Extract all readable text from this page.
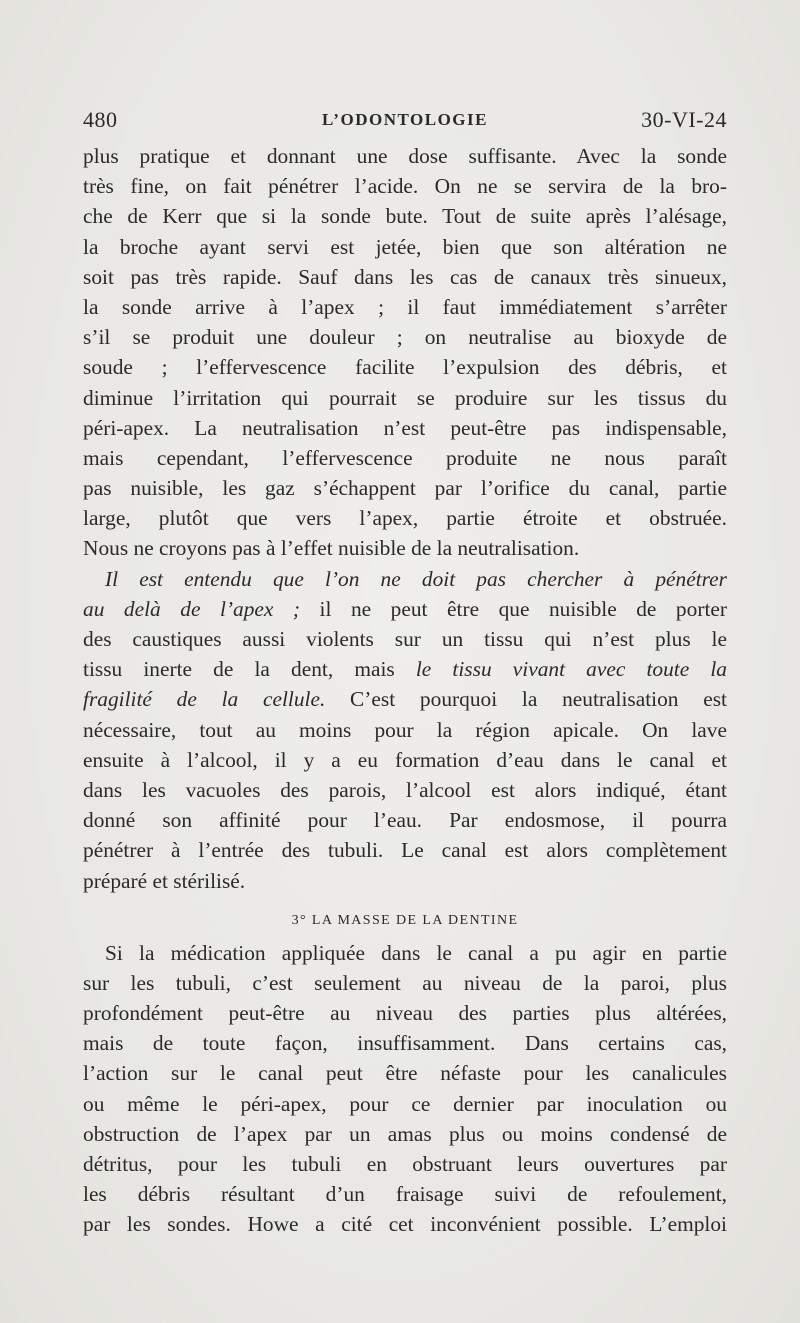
480	L’ODONTOLOGIE	30-VI-24
plus pratique et donnant une dose suffisante. Avec la sonde
très fine, on fait pénétrer l’acide. On ne se servira de la bro-
che de Kerr que si la sonde bute. Tout de suite après l’alésage,
la broche ayant servi est jetée, bien que son altération ne
soit pas très rapide. Sauf dans les cas de canaux très sinueux,
la sonde arrive à l’apex ; il faut immédiatement s’arrêter
s’il se produit une douleur ; on neutralise au bioxyde de
soude ; l’effervescence facilite l’expulsion des débris, et
diminue l’irritation qui pourrait se produire sur les tissus du
péri-apex. La neutralisation n’est peut-être pas indispensable,
mais cependant, l’effervescence produite ne nous paraît
pas nuisible, les gaz s’échappent par l’orifice du canal, partie
large, plutôt que vers l’apex, partie étroite et obstruée.
Nous ne croyons pas à l’effet nuisible de la neutralisation.
Il est entendu que l’on ne doit pas chercher à pénétrer
au delà de l’apex ; il ne peut être que nuisible de porter
des caustiques aussi violents sur un tissu qui n’est plus le
tissu inerte de la dent, mais le tissu vivant avec toute la
fragilité de la cellule. C’est pourquoi la neutralisation est
nécessaire, tout au moins pour la région apicale. On lave
ensuite à l’alcool, il y a eu formation d’eau dans le canal et
dans les vacuoles des parois, l’alcool est alors indiqué, étant
donné son affinité pour l’eau. Par endosmose, il pourra
pénétrer à l’entrée des tubuli. Le canal est alors complètement
préparé et stérilisé.
3° LA MASSE DE LA DENTINE
Si la médication appliquée dans le canal a pu agir en partie
sur les tubuli, c’est seulement au niveau de la paroi, plus
profondément peut-être au niveau des parties plus altérées,
mais de toute façon, insuffisamment. Dans certains cas,
l’action sur le canal peut être néfaste pour les canalicules
ou même le péri-apex, pour ce dernier par inoculation ou
obstruction de l’apex par un amas plus ou moins condensé de
détritus, pour les tubuli en obstruant leurs ouvertures par
les débris résultant d’un fraisage suivi de refoulement,
par les sondes. Howe a cité cet inconvénient possible. L’emploi
